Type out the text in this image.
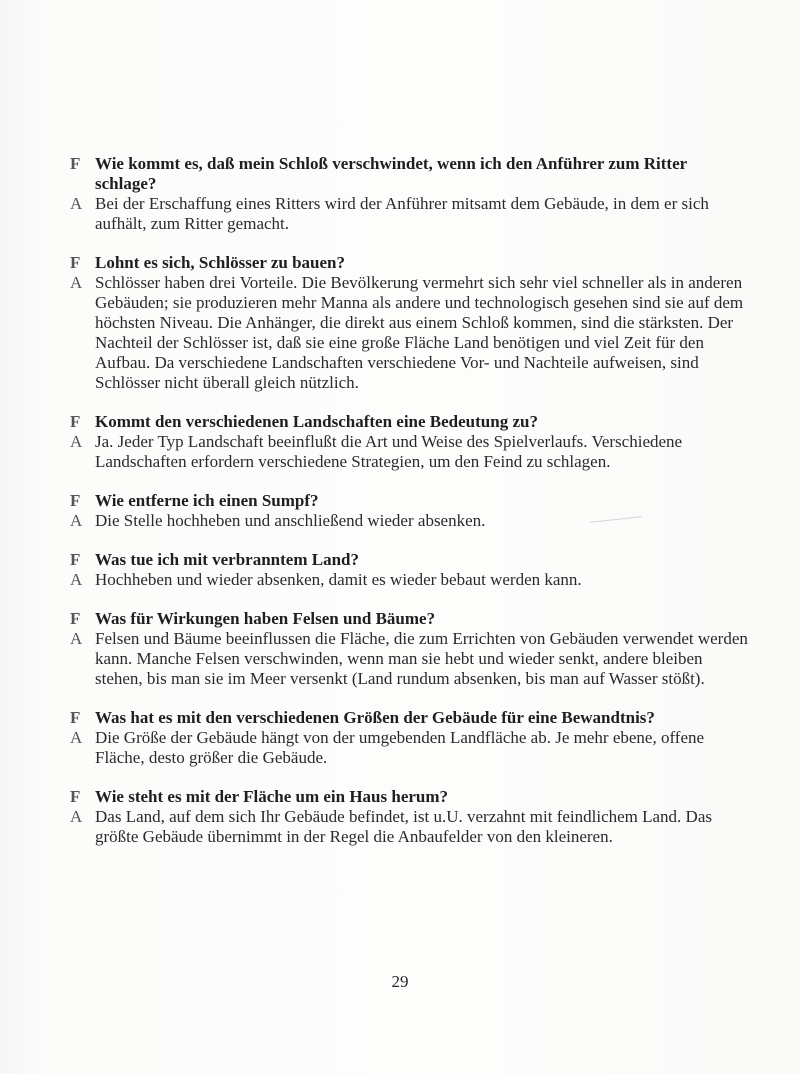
F Wie kommt es, daß mein Schloß verschwindet, wenn ich den Anführer zum Ritter schlage?
A Bei der Erschaffung eines Ritters wird der Anführer mitsamt dem Gebäude, in dem er sich aufhält, zum Ritter gemacht.
F Lohnt es sich, Schlösser zu bauen?
A Schlösser haben drei Vorteile. Die Bevölkerung vermehrt sich sehr viel schneller als in anderen Gebäuden; sie produzieren mehr Manna als andere und technologisch gesehen sind sie auf dem höchsten Niveau. Die Anhänger, die direkt aus einem Schloß kommen, sind die stärksten. Der Nachteil der Schlösser ist, daß sie eine große Fläche Land benötigen und viel Zeit für den Aufbau. Da verschiedene Landschaften verschiedene Vor- und Nachteile aufweisen, sind Schlösser nicht überall gleich nützlich.
F Kommt den verschiedenen Landschaften eine Bedeutung zu?
A Ja. Jeder Typ Landschaft beeinflußt die Art und Weise des Spielverlaufs. Verschiedene Landschaften erfordern verschiedene Strategien, um den Feind zu schlagen.
F Wie entferne ich einen Sumpf?
A Die Stelle hochheben und anschließend wieder absenken.
F Was tue ich mit verbranntem Land?
A Hochheben und wieder absenken, damit es wieder bebaut werden kann.
F Was für Wirkungen haben Felsen und Bäume?
A Felsen und Bäume beeinflussen die Fläche, die zum Errichten von Gebäuden verwendet werden kann. Manche Felsen verschwinden, wenn man sie hebt und wieder senkt, andere bleiben stehen, bis man sie im Meer versenkt (Land rundum absenken, bis man auf Wasser stößt).
F Was hat es mit den verschiedenen Größen der Gebäude für eine Bewandtnis?
A Die Größe der Gebäude hängt von der umgebenden Landfläche ab. Je mehr ebene, offene Fläche, desto größer die Gebäude.
F Wie steht es mit der Fläche um ein Haus herum?
A Das Land, auf dem sich Ihr Gebäude befindet, ist u.U. verzahnt mit feindlichem Land. Das größte Gebäude übernimmt in der Regel die Anbaufelder von den kleineren.
29
